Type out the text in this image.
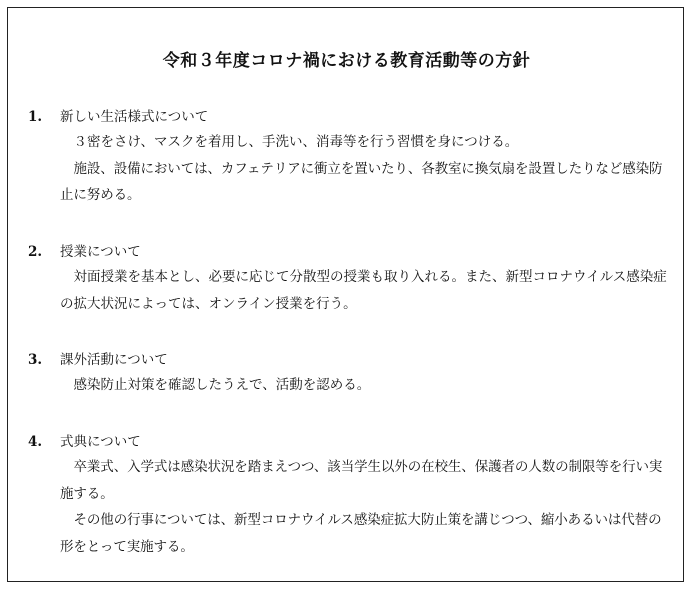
令和３年度コロナ禍における教育活動等の方針
1. 新しい生活様式について

３密をさけ、マスクを着用し、手洗い、消毒等を行う習慣を身につける。

施設、設備においては、カフェテリアに衝立を置いたり、各教室に換気扇を設置したりなど感染防止に努める。

2. 授業について

対面授業を基本とし、必要に応じて分散型の授業も取り入れる。また、新型コロナウイルス感染症の拡大状況によっては、オンライン授業を行う。

3. 課外活動について

感染防止対策を確認したうえで、活動を認める。

4. 式典について

卒業式、入学式は感染状況を踏まえつつ、該当学生以外の在校生、保護者の人数の制限等を行い実施する。

その他の行事については、新型コロナウイルス感染症拡大防止策を講じつつ、縮小あるいは代替の形をとって実施する。
